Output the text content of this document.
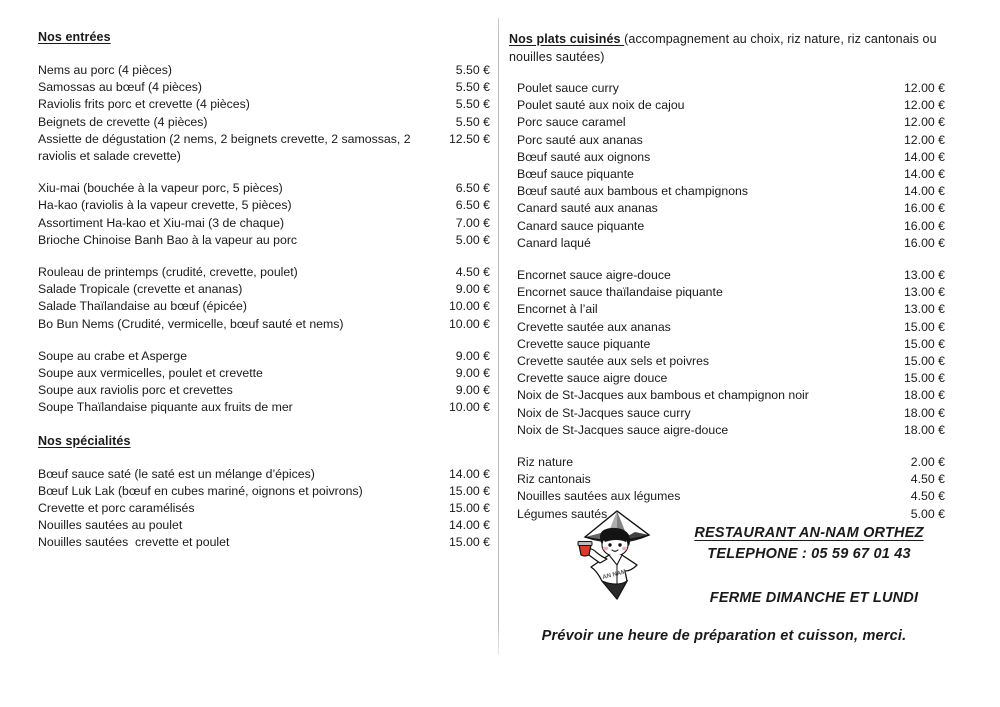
Nos entrées
Nems au porc (4 pièces)	5.50 €
Samossas au bœuf (4 pièces)	5.50 €
Raviolis frits porc et crevette (4 pièces)	5.50 €
Beignets de crevette (4 pièces)	5.50 €
Assiette de dégustation (2 nems, 2 beignets crevette, 2 samossas, 2 raviolis et salade crevette)
12.50 €
Xiu-mai (bouchée à la vapeur porc, 5 pièces)	6.50 €
Ha-kao (raviolis à la vapeur crevette, 5 pièces)	6.50 €
Assortiment Ha-kao et Xiu-mai (3 de chaque)	7.00 €
Brioche Chinoise Banh Bao à la vapeur au porc	5.00 €
Rouleau de printemps (crudité, crevette, poulet)	4.50 €
Salade Tropicale (crevette et ananas)	9.00 €
Salade Thaïlandaise au bœuf (épicée)	10.00 €
Bo Bun Nems (Crudité, vermicelle, bœuf sauté et nems)	10.00 €
Soupe au crabe et Asperge	9.00 €
Soupe aux vermicelles, poulet et crevette	9.00 €
Soupe aux raviolis porc et crevettes	9.00 €
Soupe Thaïlandaise piquante aux fruits de mer	10.00 €
Nos spécialités
Bœuf sauce saté (le saté est un mélange d’épices)	14.00 €
Bœuf Luk Lak (bœuf en cubes mariné, oignons et poivrons)	15.00 €
Crevette et porc caramélisés	15.00 €
Nouilles sautées au poulet	14.00 €
Nouilles sautées  crevette et poulet	15.00 €
Nos plats cuisinés (accompagnement au choix, riz nature, riz cantonais ou nouilles sautées)
Poulet sauce curry	12.00 €
Poulet sauté aux noix de cajou	12.00 €
Porc sauce caramel	12.00 €
Porc sauté aux ananas	12.00 €
Bœuf sauté aux oignons	14.00 €
Bœuf sauce piquante	14.00 €
Bœuf sauté aux bambous et champignons	14.00 €
Canard sauté aux ananas	16.00 €
Canard sauce piquante	16.00 €
Canard laqué	16.00 €
Encornet sauce aigre-douce	13.00 €
Encornet sauce thaïlandaise piquante	13.00 €
Encornet à l’ail	13.00 €
Crevette sautée aux ananas	15.00 €
Crevette sauce piquante	15.00 €
Crevette sautée aux sels et poivres	15.00 €
Crevette sauce aigre douce	15.00 €
Noix de St-Jacques aux bambous et champignon noir	18.00 €
Noix de St-Jacques sauce curry	18.00 €
Noix de St-Jacques sauce aigre-douce	18.00 €
Riz nature	2.00 €
Riz cantonais	4.50 €
Nouilles sautées aux légumes	4.50 €
Légumes sautés	5.00 €
AN NAM
RESTAURANT AN-NAM ORTHEZ
TELEPHONE : 05 59 67 01 43
FERME DIMANCHE ET LUNDI
Prévoir une heure de préparation et cuisson, merci.
